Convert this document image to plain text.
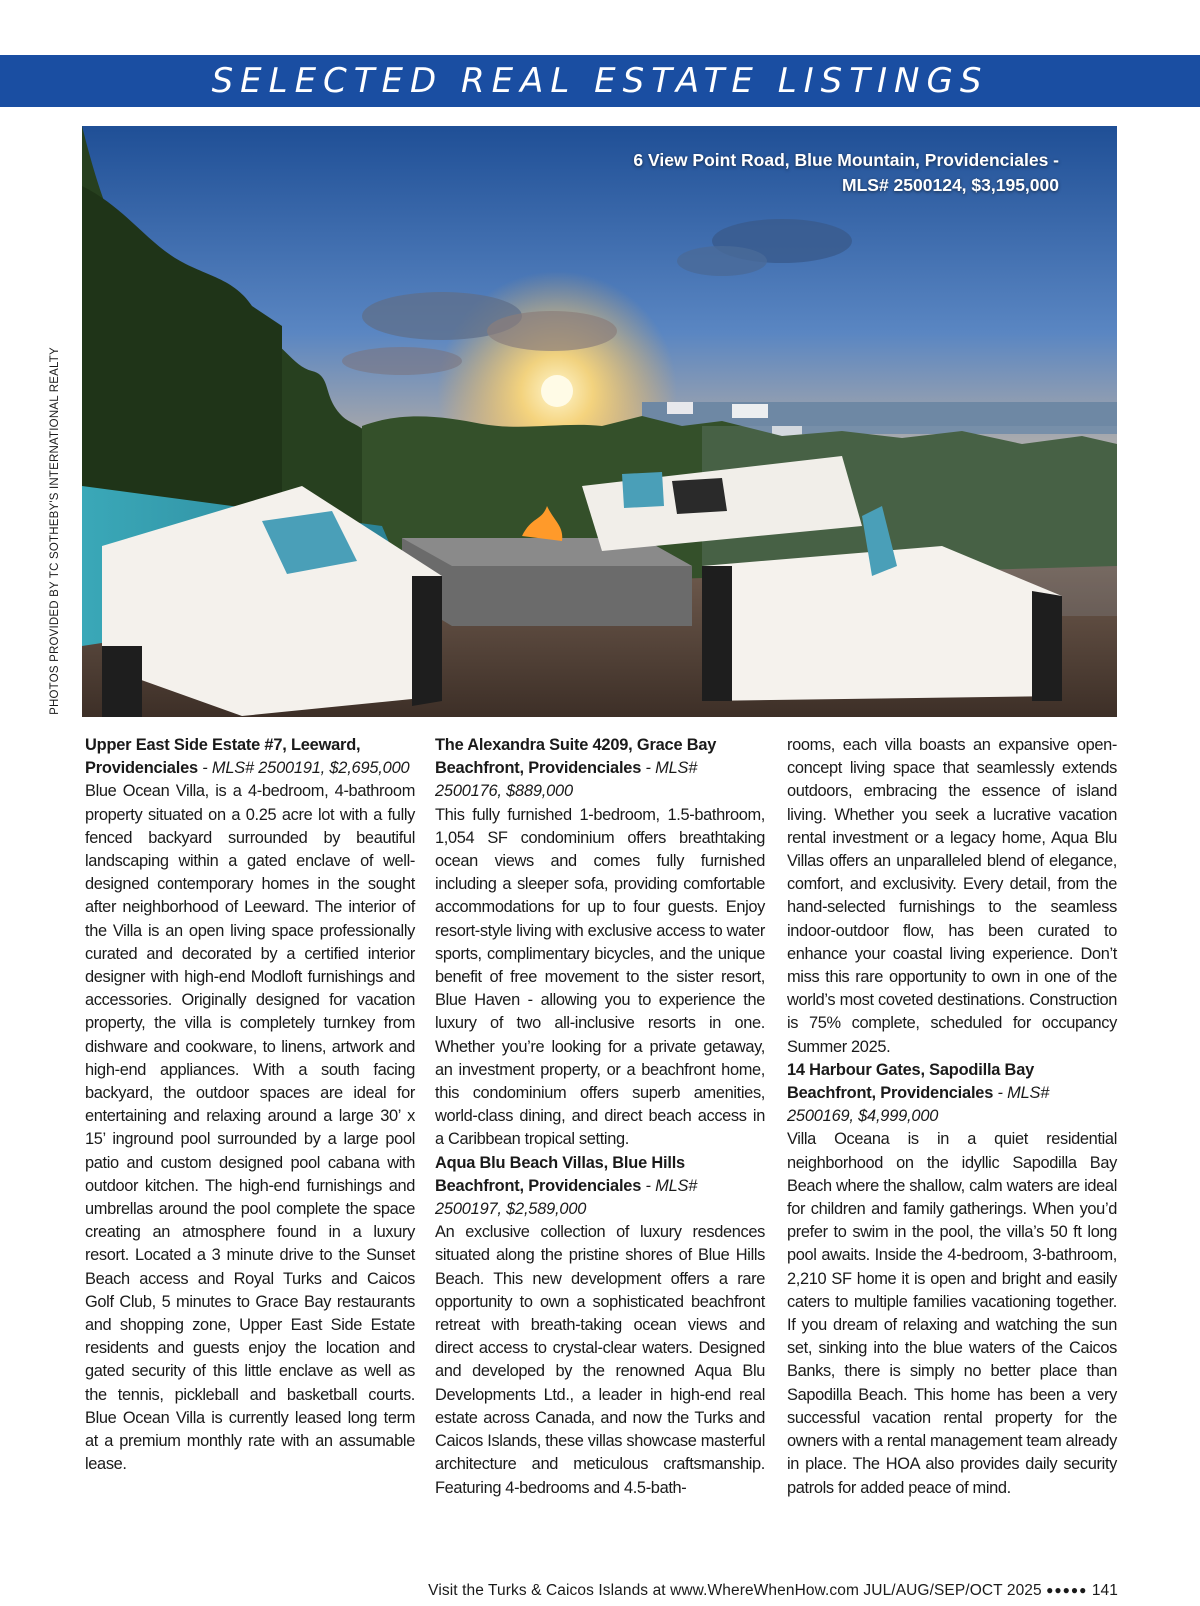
SELECTED REAL ESTATE LISTINGS
PHOTOS PROVIDED BY TC SOTHEBY'S INTERNATIONAL REALTY
6 View Point Road, Blue Mountain, Providenciales -
MLS# 2500124, $3,195,000
Upper East Side Estate #7, Leeward, Providenciales - MLS# 2500191, $2,695,000

Blue Ocean Villa, is a 4-bedroom, 4-bathroom property situated on a 0.25 acre lot with a fully fenced backyard surrounded by beautiful landscaping within a gated enclave of well-designed contemporary homes in the sought after neighborhood of Leeward. The interior of the Villa is an open living space professionally curated and decorated by a certified interior designer with high-end Modloft furnishings and accessories. Originally designed for vacation property, the villa is completely turnkey from dishware and cookware, to linens, artwork and high-end appliances. With a south facing backyard, the outdoor spaces are ideal for entertaining and relaxing around a large 30’ x 15’ inground pool surrounded by a large pool patio and custom designed pool cabana with outdoor kitchen. The high-end furnishings and umbrellas around the pool complete the space creating an atmosphere found in a luxury resort. Located a 3 minute drive to the Sunset Beach access and Royal Turks and Caicos Golf Club, 5 minutes to Grace Bay restaurants and shopping zone, Upper East Side Estate residents and guests enjoy the location and gated security of this little enclave as well as the tennis, pickleball and basketball courts. Blue Ocean Villa is currently leased long term at a premium monthly rate with an assumable lease.

The Alexandra Suite 4209, Grace Bay Beachfront, Providenciales - MLS# 2500176, $889,000

This fully furnished 1-bedroom, 1.5-bathroom, 1,054 SF condominium offers breathtaking ocean views and comes fully furnished including a sleeper sofa, providing comfortable accommodations for up to four guests. Enjoy resort-style living with exclusive access to water sports, complimentary bicycles, and the unique benefit of free movement to the sister resort, Blue Haven - allowing you to experience the luxury of two all-inclusive resorts in one. Whether you’re looking for a private getaway, an investment property, or a beachfront home, this condominium offers superb amenities, world-class dining, and direct beach access in a Caribbean tropical setting.

Aqua Blu Beach Villas, Blue Hills Beachfront, Providenciales - MLS# 2500197, $2,589,000

An exclusive collection of luxury resdences situated along the pristine shores of Blue Hills Beach. This new development offers a rare opportunity to own a sophisticated beachfront retreat with breath-taking ocean views and direct access to crystal-clear waters. Designed and developed by the renowned Aqua Blu Developments Ltd., a leader in high-end real estate across Canada, and now the Turks and Caicos Islands, these villas showcase masterful architecture and meticulous craftsmanship. Featuring 4-bedrooms and 4.5-bath-

rooms, each villa boasts an expansive open-concept living space that seamlessly extends outdoors, embracing the essence of island living. Whether you seek a lucrative vacation rental investment or a legacy home, Aqua Blu Villas offers an unparalleled blend of elegance, comfort, and exclusivity. Every detail, from the hand-selected furnishings to the seamless indoor-outdoor flow, has been curated to enhance your coastal living experience. Don’t miss this rare opportunity to own in one of the world’s most coveted destinations. Construction is 75% complete, scheduled for occupancy Summer 2025.

14 Harbour Gates, Sapodilla Bay Beachfront, Providenciales - MLS# 2500169, $4,999,000

Villa Oceana is in a quiet residential neighborhood on the idyllic Sapodilla Bay Beach where the shallow, calm waters are ideal for children and family gatherings. When you’d prefer to swim in the pool, the villa’s 50 ft long pool awaits. Inside the 4-bedroom, 3-bathroom, 2,210 SF home it is open and bright and easily caters to multiple families vacationing together. If you dream of relaxing and watching the sun set, sinking into the blue waters of the Caicos Banks, there is simply no better place than Sapodilla Beach. This home has been a very successful vacation rental property for the owners with a rental management team already in place. The HOA also provides daily security patrols for added peace of mind.

Visit the Turks & Caicos Islands at www.WhereWhenHow.com JUL/AUG/SEP/OCT 2025 ●●●●● 141
